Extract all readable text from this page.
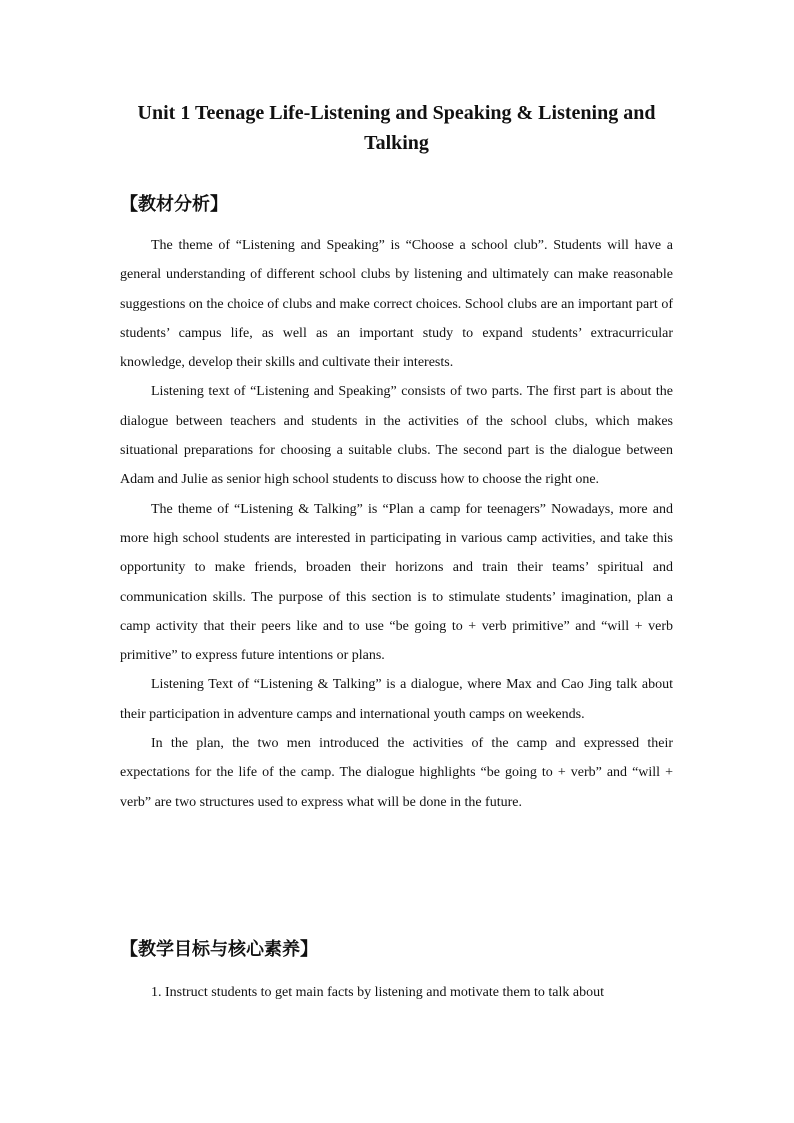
Unit 1 Teenage Life-Listening and Speaking & Listening and Talking
【教材分析】

The theme of “Listening and Speaking” is “Choose a school club”. Students will have a general understanding of different school clubs by listening and ultimately can make reasonable suggestions on the choice of clubs and make correct choices. School clubs are an important part of students’ campus life, as well as an important study to expand students’ extracurricular knowledge, develop their skills and cultivate their interests.

Listening text of “Listening and Speaking” consists of two parts. The first part is about the dialogue between teachers and students in the activities of the school clubs, which makes situational preparations for choosing a suitable clubs. The second part is the dialogue between Adam and Julie as senior high school students to discuss how to choose the right one.

The theme of “Listening & Talking” is “Plan a camp for teenagers” Nowadays, more and more high school students are interested in participating in various camp activities, and take this opportunity to make friends, broaden their horizons and train their teams’ spiritual and communication skills. The purpose of this section is to stimulate students’ imagination, plan a camp activity that their peers like and to use “be going to + verb primitive” and “will + verb primitive” to express future intentions or plans.

Listening Text of “Listening & Talking” is a dialogue, where Max and Cao Jing talk about their participation in adventure camps and international youth camps on weekends.

In the plan, the two men introduced the activities of the camp and expressed their expectations for the life of the camp. The dialogue highlights “be going to + verb” and “will + verb” are two structures used to express what will be done in the future.

【教学目标与核心素养】

1. Instruct students to get main facts by listening and motivate them to talk about
